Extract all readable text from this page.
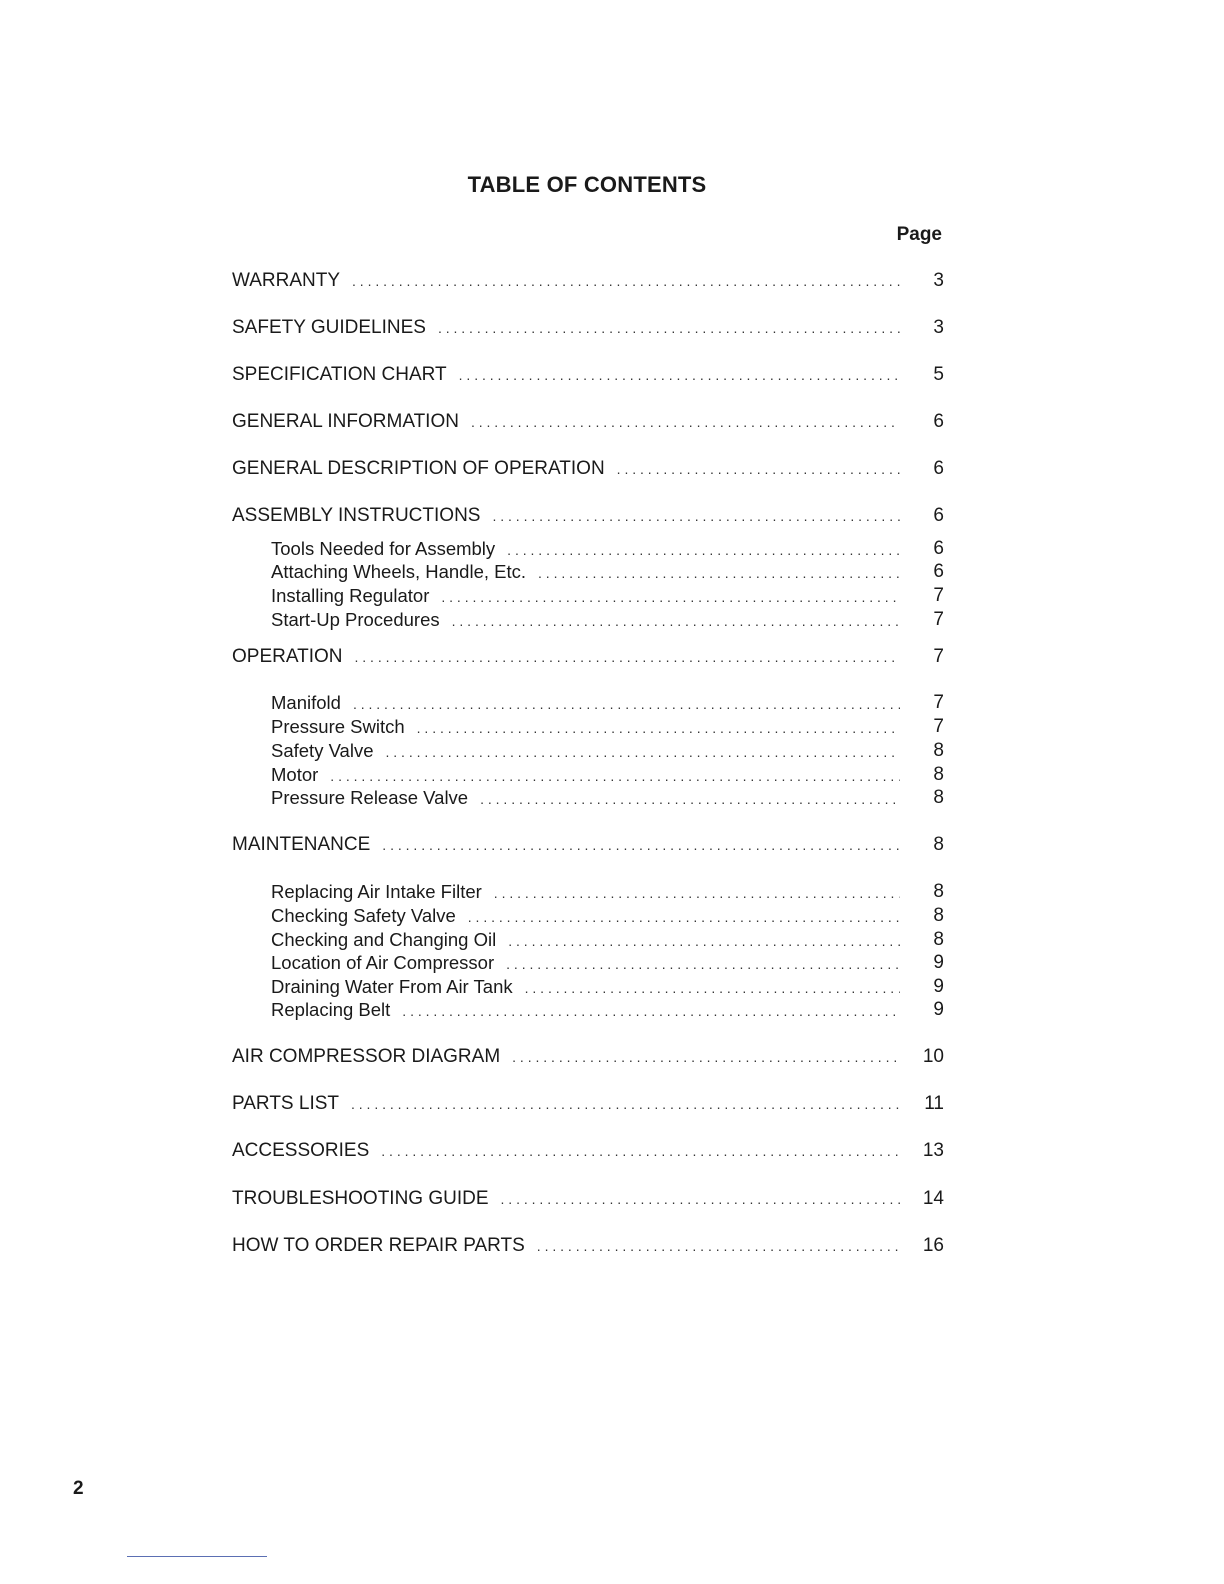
TABLE OF CONTENTS
Page
WARRANTY . . .	3
SAFETY GUIDELINES . . .	3
SPECIFICATION CHART . . .	5
GENERAL INFORMATION . . .	6
GENERAL DESCRIPTION OF OPERATION . . .	6
ASSEMBLY INSTRUCTIONS . . .	6
Tools Needed for Assembly . . .	6
Attaching Wheels, Handle, Etc. . . .	6
Installing Regulator . . .	7
Start-Up Procedures . . .	7
OPERATION . . .	7
Manifold . . .	7
Pressure Switch . . .	7
Safety Valve . . .	8
Motor . . .	8
Pressure Release Valve . . .	8
MAINTENANCE . . .	8
Replacing Air Intake Filter . . .	8
Checking Safety Valve . . .	8
Checking and Changing Oil . . .	8
Location of Air Compressor . . .	9
Draining Water From Air Tank . . .	9
Replacing Belt . . .	9
AIR COMPRESSOR DIAGRAM . . .	10
PARTS LIST . . .	11
ACCESSORIES . . .	13
TROUBLESHOOTING GUIDE . . .	14
HOW TO ORDER REPAIR PARTS . . .	16
2
